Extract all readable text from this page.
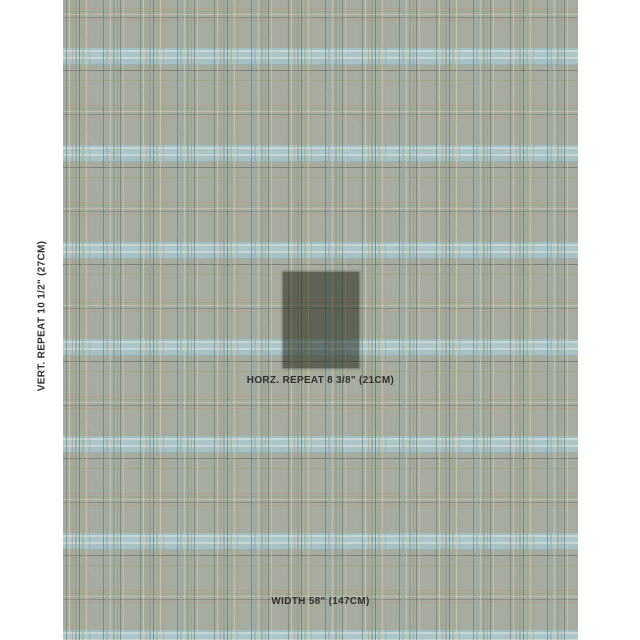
VERT. REPEAT 10 1/2" (27CM)	HORZ. REPEAT 8 3/8" (21CM)
WIDTH 58" (147CM)
